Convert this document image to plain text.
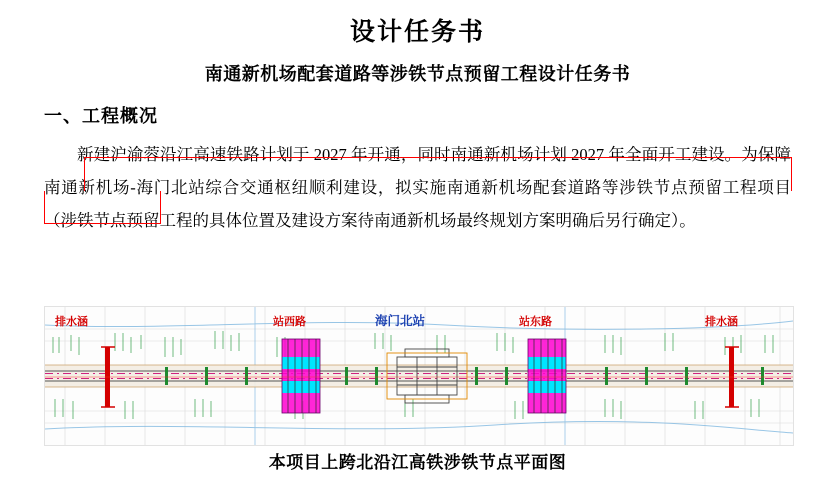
设计任务书
南通新机场配套道路等涉铁节点预留工程设计任务书
一、工程概况

新建沪渝蓉沿江高速铁路计划于 2027 年开通，同时南通新机场计划 2027 年全面开工建设。为保障南通新机场-海门北站综合交通枢纽顺利建设，拟实施南通新机场配套道路等涉铁节点预留工程项目（涉铁节点预留工程的具体位置及建设方案待南通新机场最终规划方案明确后另行确定）。

排水涵	站西路	海门北站	站东路	排水涵
本项目上跨北沿江高铁涉铁节点平面图
